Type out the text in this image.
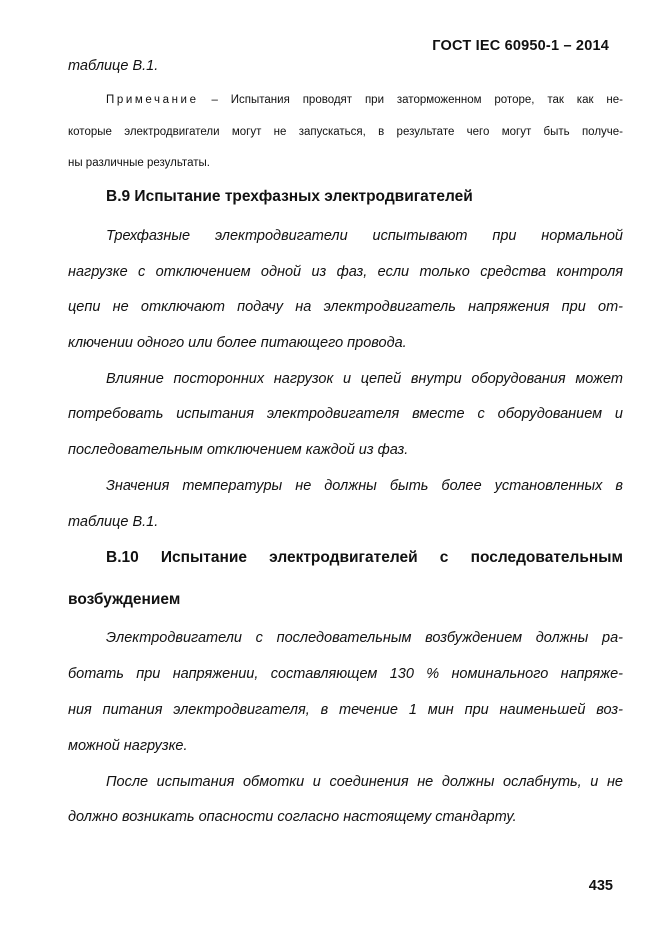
ГОСТ IEC 60950-1 – 2014
таблице В.1.
Примечание – Испытания проводят при заторможенном роторе, так как не-
которые электродвигатели могут не запускаться, в результате чего могут быть получе-
ны различные результаты.
В.9 Испытание трехфазных электродвигателей
Трехфазные электродвигатели испытывают при нормальной
нагрузке с отключением одной из фаз, если только средства контроля
цепи не отключают подачу на электродвигатель напряжения при от-
ключении одного или более питающего провода.
Влияние посторонних нагрузок и цепей внутри оборудования может
потребовать испытания электродвигателя вместе с оборудованием и
последовательным отключением каждой из фаз.
Значения температуры не должны быть более установленных в
таблице В.1.
В.10 Испытание электродвигателей с последовательным
возбуждением
Электродвигатели с последовательным возбуждением должны ра-
ботать при напряжении, составляющем 130 % номинального напряже-
ния питания электродвигателя, в течение 1 мин при наименьшей воз-
можной нагрузке.
После испытания обмотки и соединения не должны ослабнуть, и не
должно возникать опасности согласно настоящему стандарту.
435
